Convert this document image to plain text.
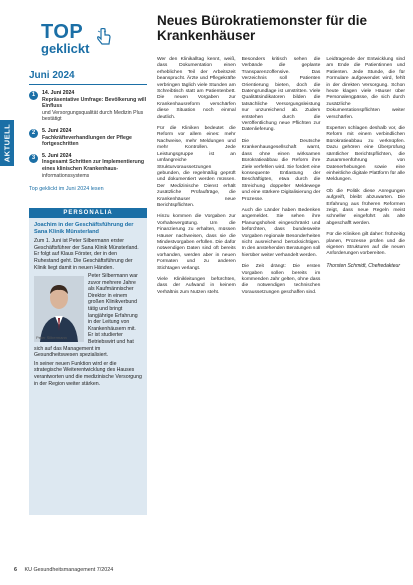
AKTUELL
TOP
geklickt
Juni 2024
1	14. Juni 2024
Repräsentative Umfrage: Bevölkerung will Einfluss
und Versorgungsqualität durch Medizin Plus bestätigt
2	5. Juni 2024
Fachkräfteverhandlungen der Pflege fortgeschritten
3	5. Juni 2024
Insgesamt Schritten zur Implementierung eines klinischen Krankenhaus-
informationssystems
Top geklickt im Juni 2024 lesen
PERSONALIA
Joachim in der Geschäftsführung der Sana Klinik Münsterland
Zum 1. Juni ist Peter Silbermann erster Geschäftsführer der Sana Klinik Münsterland. Er folgt auf Klaus Förster, der in den Ruhestand geht. Die Geschäftsführung der Klinik liegt damit in neuen Händen.
Peter Silbermann
Peter Silbermann war zuvor mehrere Jahre als Kaufmännischer Direktor in einem großen Klinikverbund tätig und bringt langjährige Erfahrung in der Leitung von Krankenhäusern mit. Er ist studierter Betriebswirt und hat sich auf das Management im Gesundheitswesen spezialisiert.
In seiner neuen Funktion wird er die strategische Weiterentwicklung des Hauses verantworten und die medizinische Versorgung in der Region weiter stärken.
Neues Bürokratiemonster für die Krankenhäuser

Wer den Klinikalltag kennt, weiß, dass Dokumentation einen erheblichen Teil der Arbeitszeit beansprucht. Ärzte und Pflegekräfte verbringen täglich viele Stunden am Schreibtisch statt am Patientenbett. Die neuen Vorgaben zur Krankenhausreform verschärfen diese Situation noch einmal deutlich.

Für die Kliniken bedeutet die Reform vor allem eines: mehr Nachweise, mehr Meldungen und mehr Kontrollen. Jede Leistungsgruppe ist an umfangreiche Strukturvoraussetzungen gebunden, die regelmäßig geprüft und dokumentiert werden müssen. Der Medizinische Dienst erhält zusätzliche Prüfaufträge, die Krankenhäuser neue Berichtspflichten.

Hinzu kommen die Vorgaben zur Vorhaltevergütung. Um die Finanzierung zu erhalten, müssen Häuser nachweisen, dass sie die Mindestvorgaben erfüllen. Die dafür notwendigen Daten sind oft bereits vorhanden, werden aber in neuen Formaten und zu anderen Stichtagen verlangt.

Viele Klinikleitungen befürchten, dass der Aufwand in keinem Verhältnis zum Nutzen steht.

Besonders kritisch sehen die Verbände die geplante Transparenzoffensive. Das Verzeichnis soll Patienten Orientierung bieten, doch die Datengrundlage ist umstritten. Viele Qualitätsindikatoren bilden die tatsächliche Versorgungsleistung nur unzureichend ab. Zudem entstehen durch die Veröffentlichung neue Pflichten zur Datenlieferung.

Die Deutsche Krankenhausgesellschaft warnt, dass ohne einen wirksamen Bürokratieabbau die Reform ihre Ziele verfehlen wird. Sie fordert eine konsequente Entlastung der Beschäftigten, etwa durch die Streichung doppelter Meldewege und eine stärkere Digitalisierung der Prozesse.

Auch die Länder haben Bedenken angemeldet. Sie sehen ihre Planungshoheit eingeschränkt und befürchten, dass bundesweite Vorgaben regionale Besonderheiten nicht ausreichend berücksichtigen. In den anstehenden Beratungen soll hierüber weiter verhandelt werden.

Die Zeit drängt: Die ersten Vorgaben sollen bereits im kommenden Jahr gelten, ohne dass die notwendigen technischen Voraussetzungen geschaffen sind.

Leidtragende der Entwicklung sind am Ende die Patientinnen und Patienten. Jede Stunde, die für Formulare aufgewendet wird, fehlt in der direkten Versorgung. Schon heute klagen viele Häuser über Personalengpässe, die sich durch zusätzliche Dokumentationspflichten weiter verschärfen.

Experten schlagen deshalb vor, die Reform mit einem verbindlichen Bürokratieabbau zu verknüpfen. Dazu gehören eine Überprüfung sämtlicher Berichtspflichten, die Zusammenführung von Datenerhebungen sowie eine einheitliche digitale Plattform für alle Meldungen.

Ob die Politik diese Anregungen aufgreift, bleibt abzuwarten. Die Erfahrung aus früheren Reformen zeigt, dass neue Regeln meist schneller eingeführt als alte abgeschafft werden.

Für die Kliniken gilt daher: frühzeitig planen, Prozesse prüfen und die eigenen Strukturen auf die neuen Anforderungen vorbereiten.

Thorsten Schmidt, Chefredakteur
6 KU Gesundheitsmanagement 7/2024
